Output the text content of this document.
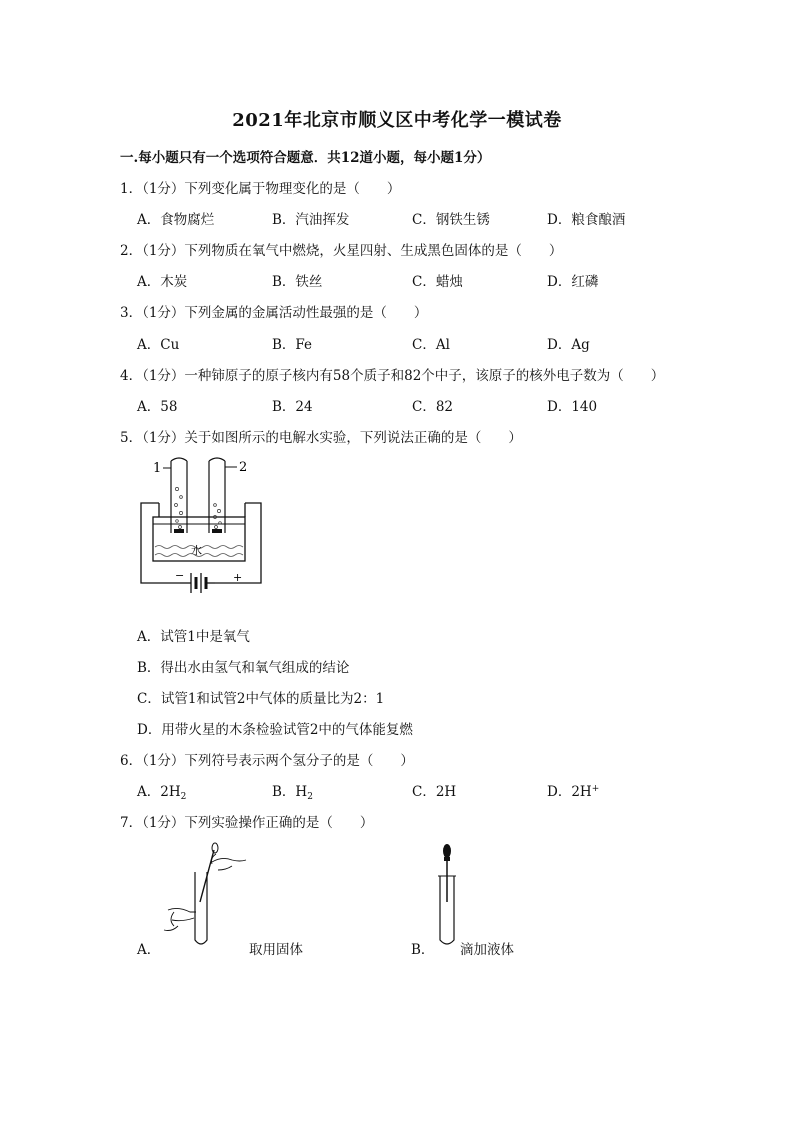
2021年北京市顺义区中考化学一模试卷
一.每小题只有一个选项符合题意．共12道小题，每小题1分）
1．（1分）下列变化属于物理变化的是（　　）
A．食物腐烂	B．汽油挥发	C．钢铁生锈	D．粮食酿酒
2．（1分）下列物质在氧气中燃烧，火星四射、生成黑色固体的是（　　）
A．木炭	B．铁丝	C．蜡烛	D．红磷
3．（1分）下列金属的金属活动性最强的是（　　）
A．Cu	B．Fe	C．Al	D．Ag
4．（1分）一种铈原子的原子核内有58个质子和82个中子，该原子的核外电子数为（　　）
A．58	B．24	C．82	D．140
5．（1分）关于如图所示的电解水实验，下列说法正确的是（　　）
−	+
水
1	2
A．试管1中是氧气
B．得出水由氢气和氧气组成的结论
C．试管1和试管2中气体的质量比为2：1
D．用带火星的木条检验试管2中的气体能复燃
6．（1分）下列符号表示两个氢分子的是（　　）
A．$2H_2$	B．$H_2$	C．2H	D．2H+
7．（1分）下列实验操作正确的是（　　）
A．	取用固体	B． 滴加液体
